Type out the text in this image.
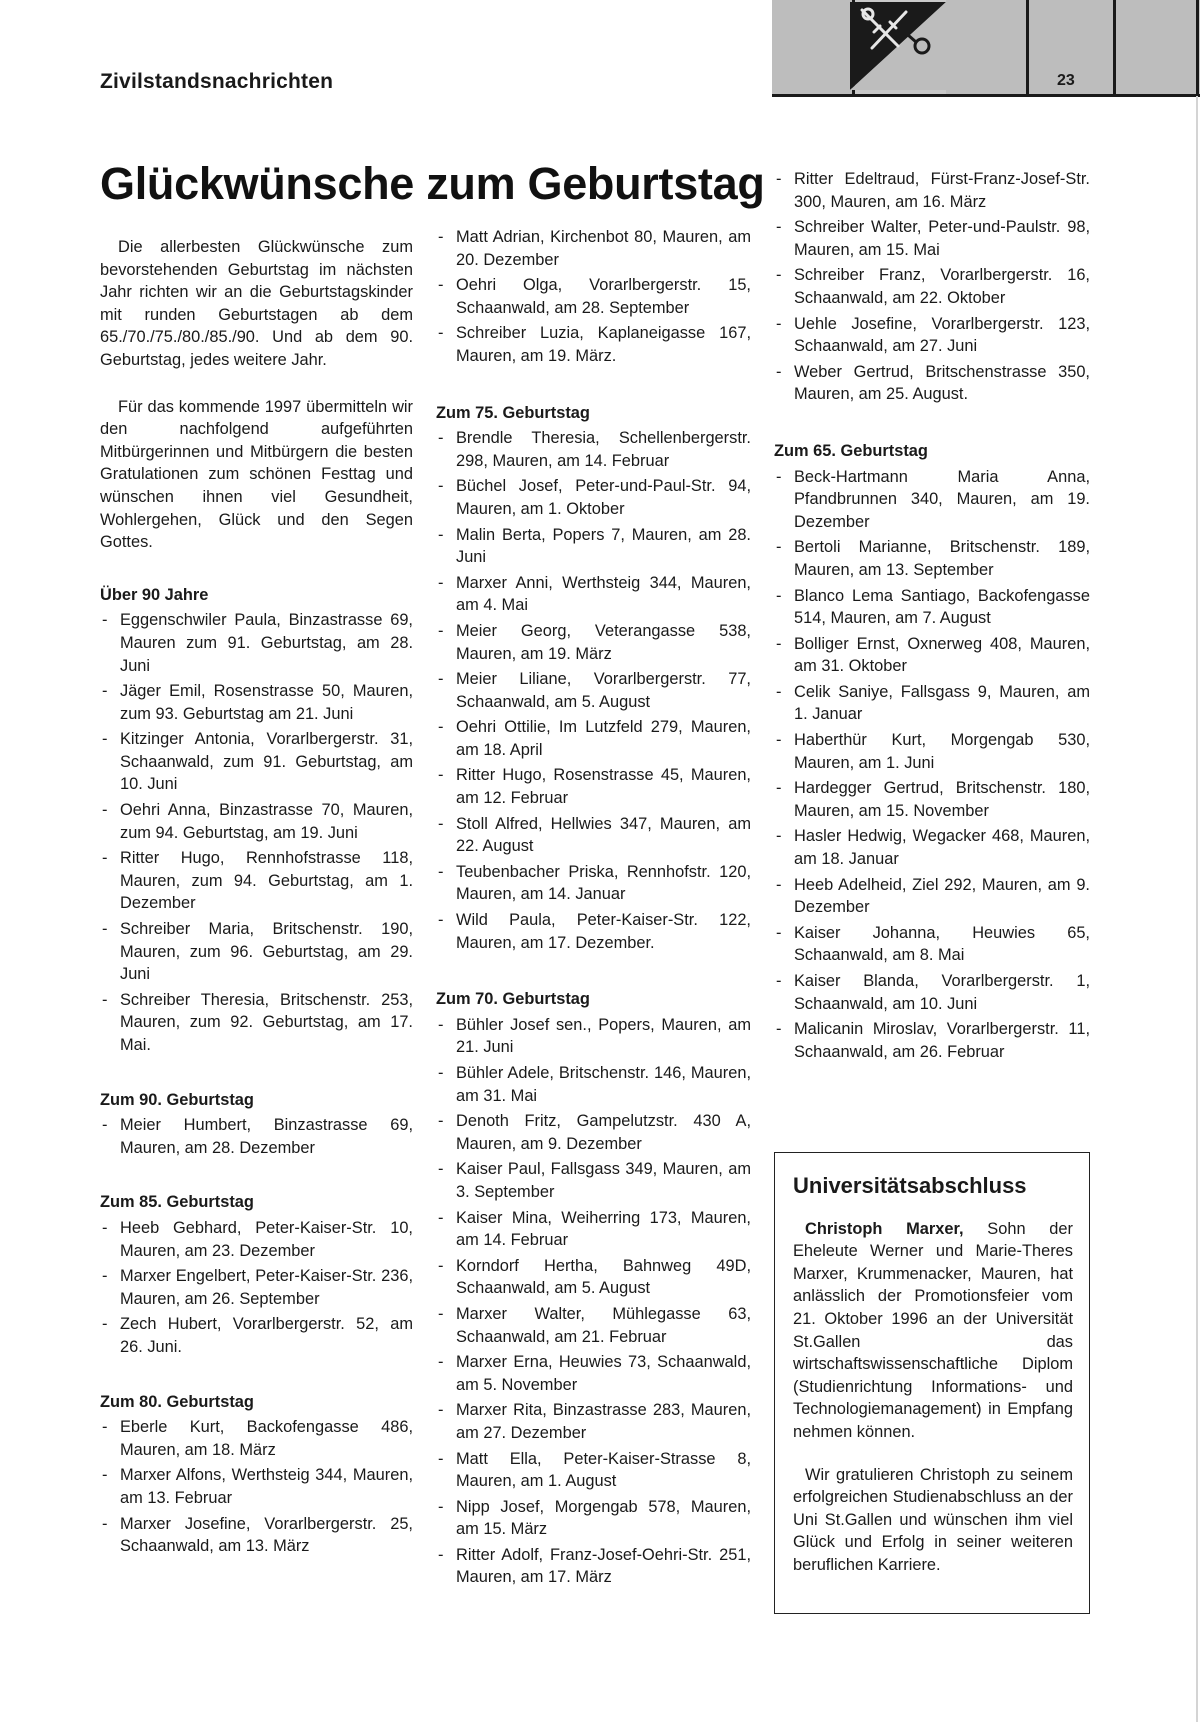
Zivilstandsnachrichten	23
Glückwünsche zum Geburtstag

Die allerbesten Glückwünsche zum bevorstehenden Geburtstag im nächsten Jahr richten wir an die Geburtstagskinder mit runden Geburtstagen ab dem 65./70./75./80./85./90. Und ab dem 90. Geburtstag, jedes weitere Jahr.

Für das kommende 1997 übermitteln wir den nachfolgend aufgeführten Mitbürgerinnen und Mitbürgern die besten Gratulationen zum schönen Festtag und wünschen ihnen viel Gesundheit, Wohlergehen, Glück und den Segen Gottes.

Über 90 Jahre
- Eggenschwiler Paula, Binzastrasse 69, Mauren zum 91. Geburtstag, am 28. Juni
- Jäger Emil, Rosenstrasse 50, Mauren, zum 93. Geburtstag am 21. Juni
- Kitzinger Antonia, Vorarlbergerstr. 31, Schaanwald, zum 91. Geburtstag, am 10. Juni
- Oehri Anna, Binzastrasse 70, Mauren, zum 94. Geburtstag, am 19. Juni
- Ritter Hugo, Rennhofstrasse 118, Mauren, zum 94. Geburtstag, am 1. Dezember
- Schreiber Maria, Britschenstr. 190, Mauren, zum 96. Geburtstag, am 29. Juni
- Schreiber Theresia, Britschenstr. 253, Mauren, zum 92. Geburtstag, am 17. Mai.
Zum 90. Geburtstag
- Meier Humbert, Binzastrasse 69, Mauren, am 28. Dezember
Zum 85. Geburtstag
- Heeb Gebhard, Peter-Kaiser-Str. 10, Mauren, am 23. Dezember
- Marxer Engelbert, Peter-Kaiser-Str. 236, Mauren, am 26. September
- Zech Hubert, Vorarlbergerstr. 52, am 26. Juni.
Zum 80. Geburtstag
- Eberle Kurt, Backofengasse 486, Mauren, am 18. März
- Marxer Alfons, Werthsteig 344, Mauren, am 13. Februar
- Marxer Josefine, Vorarlbergerstr. 25, Schaanwald, am 13. März
- Matt Adrian, Kirchenbot 80, Mauren, am 20. Dezember
- Oehri Olga, Vorarlbergerstr. 15, Schaanwald, am 28. September
- Schreiber Luzia, Kaplaneigasse 167, Mauren, am 19. März.
Zum 75. Geburtstag
- Brendle Theresia, Schellenbergerstr. 298, Mauren, am 14. Februar
- Büchel Josef, Peter-und-Paul-Str. 94, Mauren, am 1. Oktober
- Malin Berta, Popers 7, Mauren, am 28. Juni
- Marxer Anni, Werthsteig 344, Mauren, am 4. Mai
- Meier Georg, Veterangasse 538, Mauren, am 19. März
- Meier Liliane, Vorarlbergerstr. 77, Schaanwald, am 5. August
- Oehri Ottilie, Im Lutzfeld 279, Mauren, am 18. April
- Ritter Hugo, Rosenstrasse 45, Mauren, am 12. Februar
- Stoll Alfred, Hellwies 347, Mauren, am 22. August
- Teubenbacher Priska, Rennhofstr. 120, Mauren, am 14. Januar
- Wild Paula, Peter-Kaiser-Str. 122, Mauren, am 17. Dezember.
Zum 70. Geburtstag
- Bühler Josef sen., Popers, Mauren, am 21. Juni
- Bühler Adele, Britschenstr. 146, Mauren, am 31. Mai
- Denoth Fritz, Gampelutzstr. 430 A, Mauren, am 9. Dezember
- Kaiser Paul, Fallsgass 349, Mauren, am 3. September
- Kaiser Mina, Weiherring 173, Mauren, am 14. Februar
- Korndorf Hertha, Bahnweg 49D, Schaanwald, am 5. August
- Marxer Walter, Mühlegasse 63, Schaanwald, am 21. Februar
- Marxer Erna, Heuwies 73, Schaanwald, am 5. November
- Marxer Rita, Binzastrasse 283, Mauren, am 27. Dezember
- Matt Ella, Peter-Kaiser-Strasse 8, Mauren, am 1. August
- Nipp Josef, Morgengab 578, Mauren, am 15. März
- Ritter Adolf, Franz-Josef-Oehri-Str. 251, Mauren, am 17. März
- Ritter Edeltraud, Fürst-Franz-Josef-Str. 300, Mauren, am 16. März
- Schreiber Walter, Peter-und-Paulstr. 98, Mauren, am 15. Mai
- Schreiber Franz, Vorarlbergerstr. 16, Schaanwald, am 22. Oktober
- Uehle Josefine, Vorarlbergerstr. 123, Schaanwald, am 27. Juni
- Weber Gertrud, Britschenstrasse 350, Mauren, am 25. August.
Zum 65. Geburtstag
- Beck-Hartmann Maria Anna, Pfandbrunnen 340, Mauren, am 19. Dezember
- Bertoli Marianne, Britschenstr. 189, Mauren, am 13. September
- Blanco Lema Santiago, Backofengasse 514, Mauren, am 7. August
- Bolliger Ernst, Oxnerweg 408, Mauren, am 31. Oktober
- Celik Saniye, Fallsgass 9, Mauren, am 1. Januar
- Haberthür Kurt, Morgengab 530, Mauren, am 1. Juni
- Hardegger Gertrud, Britschenstr. 180, Mauren, am 15. November
- Hasler Hedwig, Wegacker 468, Mauren, am 18. Januar
- Heeb Adelheid, Ziel 292, Mauren, am 9. Dezember
- Kaiser Johanna, Heuwies 65, Schaanwald, am 8. Mai
- Kaiser Blanda, Vorarlbergerstr. 1, Schaanwald, am 10. Juni
- Malicanin Miroslav, Vorarlbergerstr. 11, Schaanwald, am 26. Februar
Universitätsabschluss

Christoph Marxer, Sohn der Eheleute Werner und Marie-Theres Marxer, Krummenacker, Mauren, hat anlässlich der Promotionsfeier vom 21. Oktober 1996 an der Universität St.Gallen das wirtschaftswissenschaftliche Diplom (Studienrichtung Informations- und Technologiemanagement) in Empfang nehmen können.

Wir gratulieren Christoph zu seinem erfolgreichen Studienabschluss an der Uni St.Gallen und wünschen ihm viel Glück und Erfolg in seiner weiteren beruflichen Karriere.
